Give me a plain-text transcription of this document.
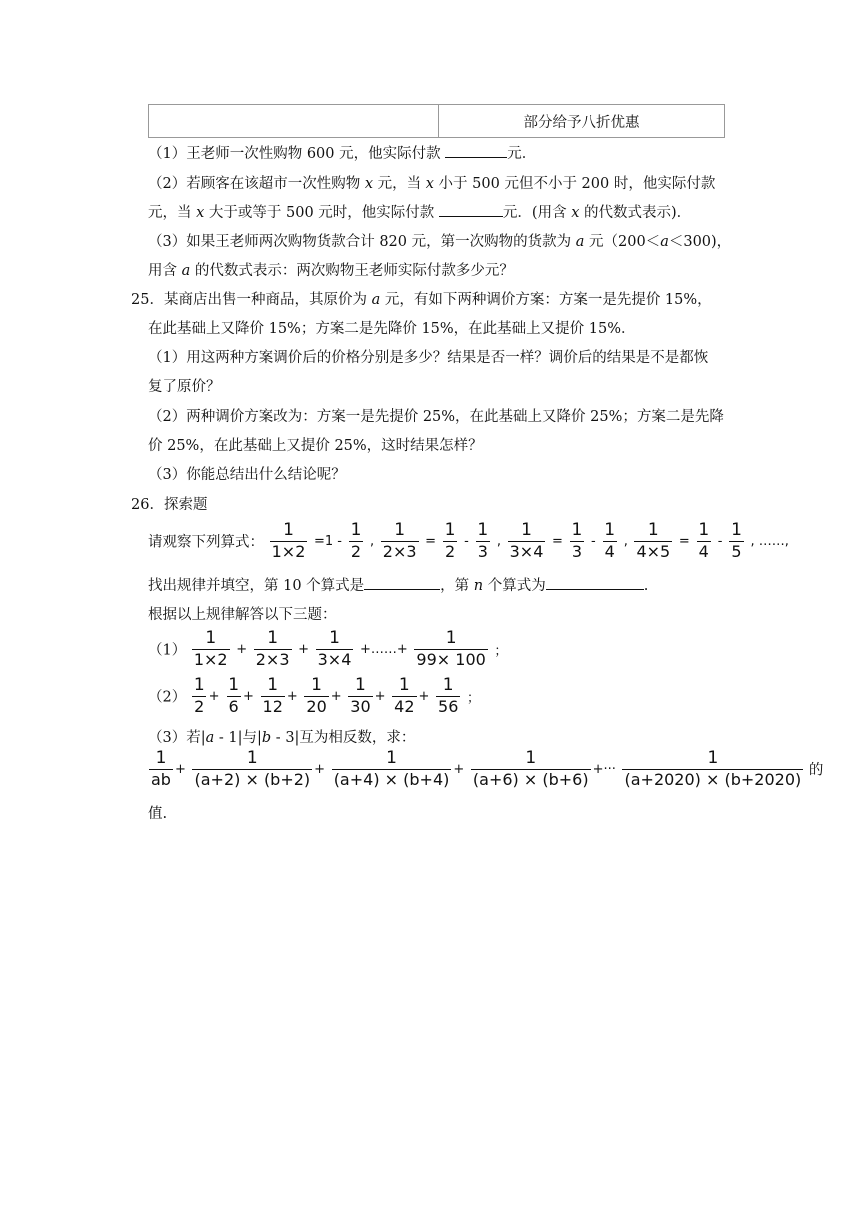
部分给予八折优惠
（1）王老师一次性购物 600 元，他实际付款	元．
（2）若顾客在该超市一次性购物 x 元，当 x 小于 500 元但不小于 200 时，他实际付款
元，当 x 大于或等于 500 元时，他实际付款	元．(用含 x 的代数式表示)．
（3）如果王老师两次购物货款合计 820 元，第一次购物的货款为 a 元（200＜a＜300)，
用含 a 的代数式表示：两次购物王老师实际付款多少元？
25．某商店出售一种商品，其原价为 a 元，有如下两种调价方案：方案一是先提价 15%，
在此基础上又降价 15%；方案二是先降价 15%，在此基础上又提价 15%．
（1）用这两种方案调价后的价格分别是多少？结果是否一样？调价后的结果是不是都恢
复了原价？
（2）两种调价方案改为：方案一是先提价 25%，在此基础上又降价 25%；方案二是先降
价 25%，在此基础上又提价 25%，这时结果怎样？
（3）你能总结出什么结论呢？
26．探索题
请观察下列算式： $\frac{1}{1\times 2} =1 - \frac{1}{2}$ , $\frac{1}{2\times 3} = \frac{1}{2} - \frac{1}{3}$ , $\frac{1}{3\times 4} = \frac{1}{3} - \frac{1}{4}$ , $\frac{1}{4\times 5} = \frac{1}{4} - \frac{1}{5}$ , ……,
找出规律并填空，第 10 个算式是	，第 n 个算式为	.
根据以上规律解答以下三题：
$(1) \frac{1}{1\times 2} + \frac{1}{2\times 3} + \frac{1}{3\times 4}$ +……+ $\frac{1}{99\times 100}$ ；
$(2) \frac{1}{2} + \frac{1}{6} + \frac{1}{12} + \frac{1}{20} + \frac{1}{30} + \frac{1}{42} + \frac{1}{56}$ ；
（3）若|a - 1|与|b - 3|互为相反数，求：
$\frac{1}{ab} + \frac{1}{(a+2) \times (b+2)} + \frac{1}{(a+4) \times (b+4)} + \frac{1}{(a+6) \times (b+6)}$ +··· $\frac{1}{(a+2020) \times (b+2020)}$ 的
值.
